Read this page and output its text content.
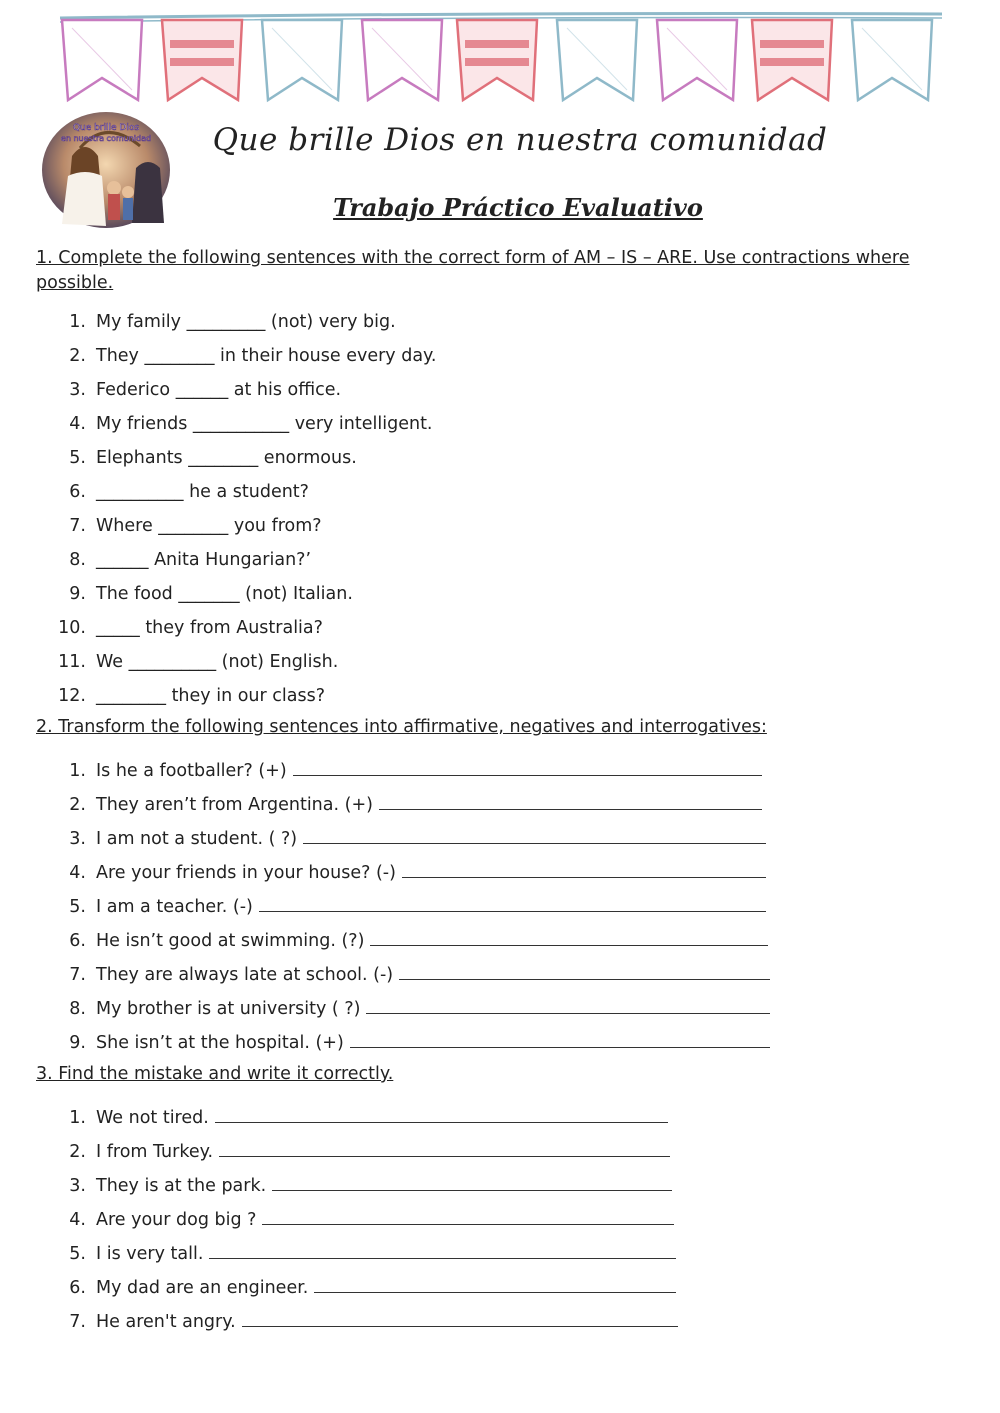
Que brille Dios
en nuestra comunidad	Que brille Dios en nuestra comunidad
Trabajo Práctico Evaluativo

1. Complete the following sentences with the correct form of AM – IS – ARE. Use contractions where possible.

1. My family _________ (not) very big.
2. They ________ in their house every day.
3. Federico ______ at his office.
4. My friends ___________ very intelligent.
5. Elephants ________ enormous.
6. __________ he a student?
7. Where ________ you from?
8. ______ Anita Hungarian?’
9. The food _______ (not) Italian.
10. _____ they from Australia?
11. We __________ (not) English.
12. ________ they in our class?

2. Transform the following sentences into affirmative, negatives and interrogatives:

1. Is he a footballer? (+)
2. They aren’t from Argentina. (+)
3. I am not a student. ( ?)
4. Are your friends in your house? (-)
5. I am a teacher. (-)
6. He isn’t good at swimming. (?)
7. They are always late at school. (-)
8. My brother is at university ( ?)
9. She isn’t at the hospital. (+)

3. Find the mistake and write it correctly.

1. We not tired.
2. I from Turkey.
3. They is at the park.
4. Are your dog big ?
5. I is very tall.
6. My dad are an engineer.
7. He aren't angry.
